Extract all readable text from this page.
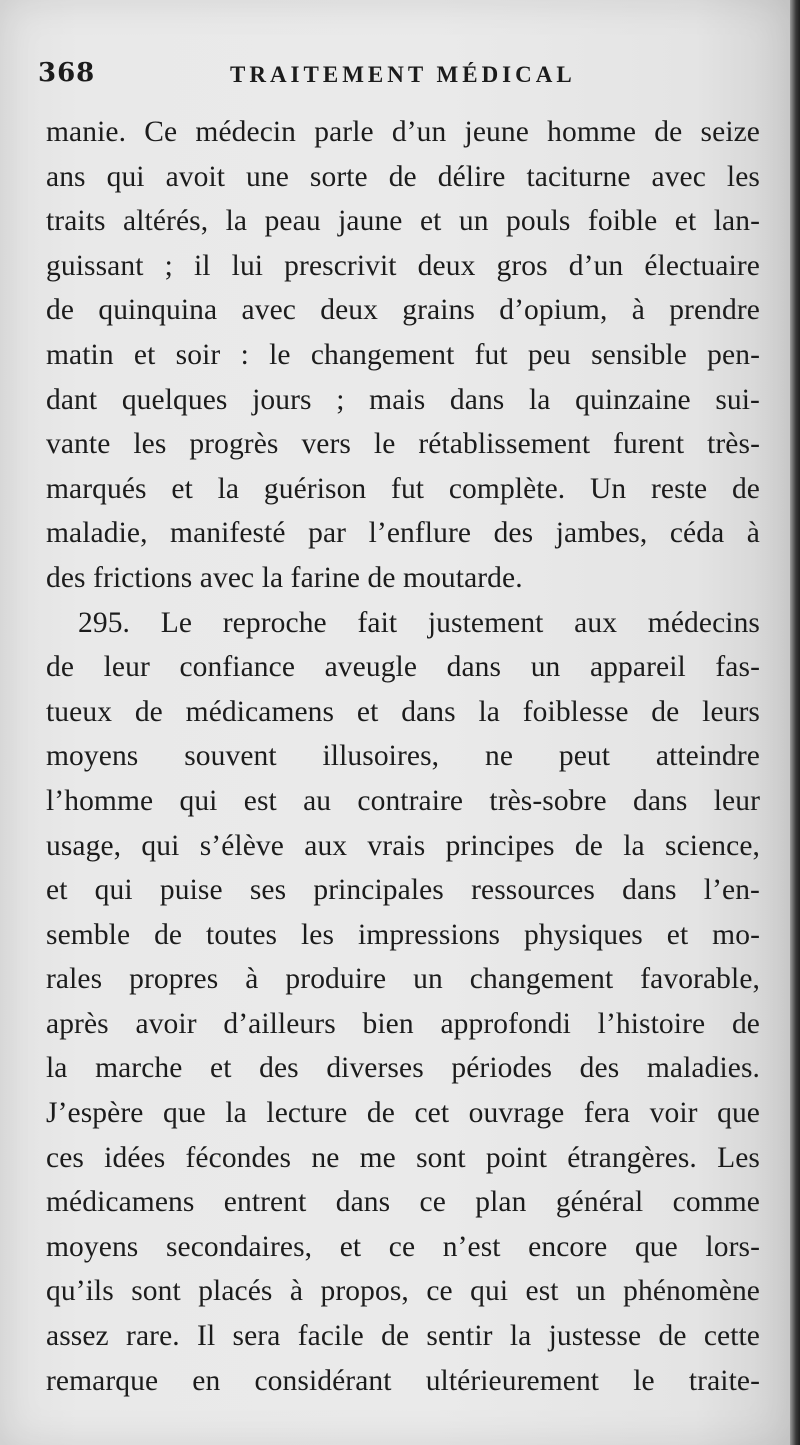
368	TRAITEMENT MÉDICAL
manie. Ce médecin parle d’un jeune homme de seize
ans qui avoit une sorte de délire taciturne avec les
traits altérés, la peau jaune et un pouls foible et lan-
guissant ; il lui prescrivit deux gros d’un électuaire
de quinquina avec deux grains d’opium, à prendre
matin et soir : le changement fut peu sensible pen-
dant quelques jours ; mais dans la quinzaine sui-
vante les progrès vers le rétablissement furent très-
marqués et la guérison fut complète. Un reste de
maladie, manifesté par l’enflure des jambes, céda à
des frictions avec la farine de moutarde.
295. Le reproche fait justement aux médecins
de leur confiance aveugle dans un appareil fas-
tueux de médicamens et dans la foiblesse de leurs
moyens souvent illusoires, ne peut atteindre
l’homme qui est au contraire très-sobre dans leur
usage, qui s’élève aux vrais principes de la science,
et qui puise ses principales ressources dans l’en-
semble de toutes les impressions physiques et mo-
rales propres à produire un changement favorable,
après avoir d’ailleurs bien approfondi l’histoire de
la marche et des diverses périodes des maladies.
J’espère que la lecture de cet ouvrage fera voir que
ces idées fécondes ne me sont point étrangères. Les
médicamens entrent dans ce plan général comme
moyens secondaires, et ce n’est encore que lors-
qu’ils sont placés à propos, ce qui est un phénomène
assez rare. Il sera facile de sentir la justesse de cette
remarque en considérant ultérieurement le traite-
